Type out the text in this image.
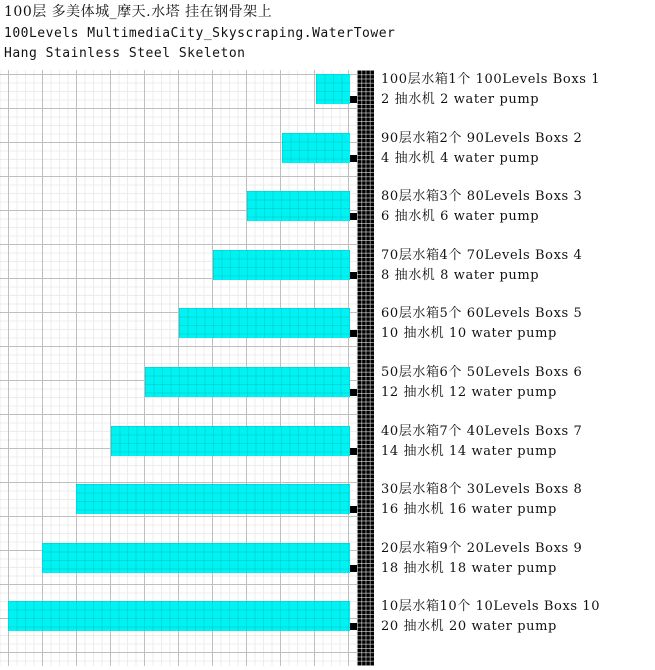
100层 多美体城_摩天.水塔 挂在钢骨架上
100Levels MultimediaCity_Skyscraping.WaterTower
Hang Stainless Steel Skeleton
100层水箱1个 100Levels Boxs 1
2 抽水机 2 water pump
90层水箱2个 90Levels Boxs 2
4 抽水机 4 water pump
80层水箱3个 80Levels Boxs 3
6 抽水机 6 water pump
70层水箱4个 70Levels Boxs 4
8 抽水机 8 water pump
60层水箱5个 60Levels Boxs 5
10 抽水机 10 water pump
50层水箱6个 50Levels Boxs 6
12 抽水机 12 water pump
40层水箱7个 40Levels Boxs 7
14 抽水机 14 water pump
30层水箱8个 30Levels Boxs 8
16 抽水机 16 water pump
20层水箱9个 20Levels Boxs 9
18 抽水机 18 water pump
10层水箱10个 10Levels Boxs 10
20 抽水机 20 water pump
